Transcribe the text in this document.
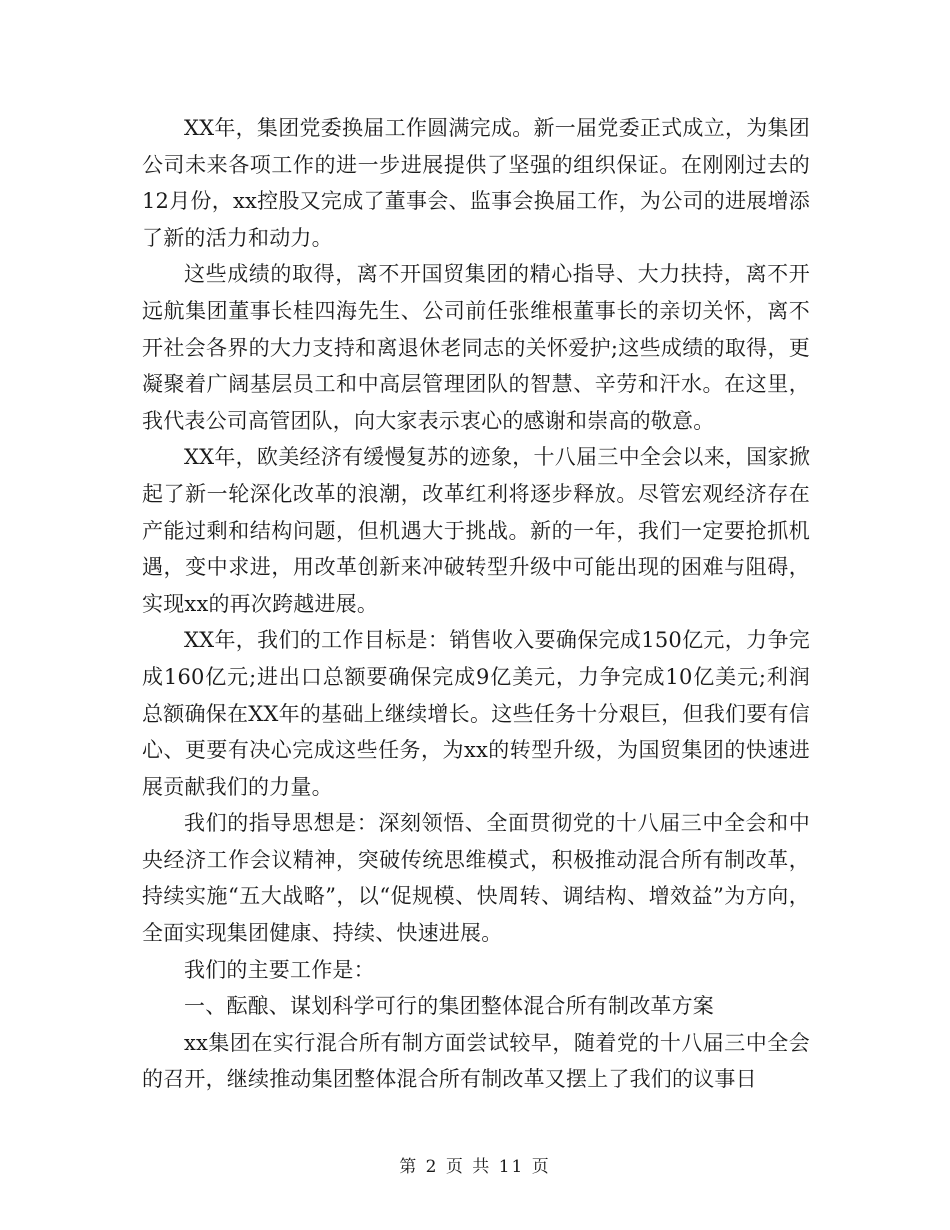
XX年，集团党委换届工作圆满完成。新一届党委正式成立，为集团公司未来各项工作的进一步进展提供了坚强的组织保证。在刚刚过去的12月份，xx控股又完成了董事会、监事会换届工作，为公司的进展增添了新的活力和动力。

这些成绩的取得，离不开国贸集团的精心指导、大力扶持，离不开远航集团董事长桂四海先生、公司前任张维根董事长的亲切关怀，离不开社会各界的大力支持和离退休老同志的关怀爱护;这些成绩的取得，更凝聚着广阔基层员工和中高层管理团队的智慧、辛劳和汗水。在这里，我代表公司高管团队，向大家表示衷心的感谢和崇高的敬意。

XX年，欧美经济有缓慢复苏的迹象，十八届三中全会以来，国家掀起了新一轮深化改革的浪潮，改革红利将逐步释放。尽管宏观经济存在产能过剩和结构问题，但机遇大于挑战。新的一年，我们一定要抢抓机遇，变中求进，用改革创新来冲破转型升级中可能出现的困难与阻碍，实现xx的再次跨越进展。

XX年，我们的工作目标是：销售收入要确保完成150亿元，力争完成160亿元;进出口总额要确保完成9亿美元，力争完成10亿美元;利润总额确保在XX年的基础上继续增长。这些任务十分艰巨，但我们要有信心、更要有决心完成这些任务，为xx的转型升级，为国贸集团的快速进展贡献我们的力量。

我们的指导思想是：深刻领悟、全面贯彻党的十八届三中全会和中央经济工作会议精神，突破传统思维模式，积极推动混合所有制改革，持续实施“五大战略”，以“促规模、快周转、调结构、增效益”为方向，全面实现集团健康、持续、快速进展。

我们的主要工作是：

一、酝酿、谋划科学可行的集团整体混合所有制改革方案

xx集团在实行混合所有制方面尝试较早，随着党的十八届三中全会的召开，继续推动集团整体混合所有制改革又摆上了我们的议事日

第 2 页 共 11 页
